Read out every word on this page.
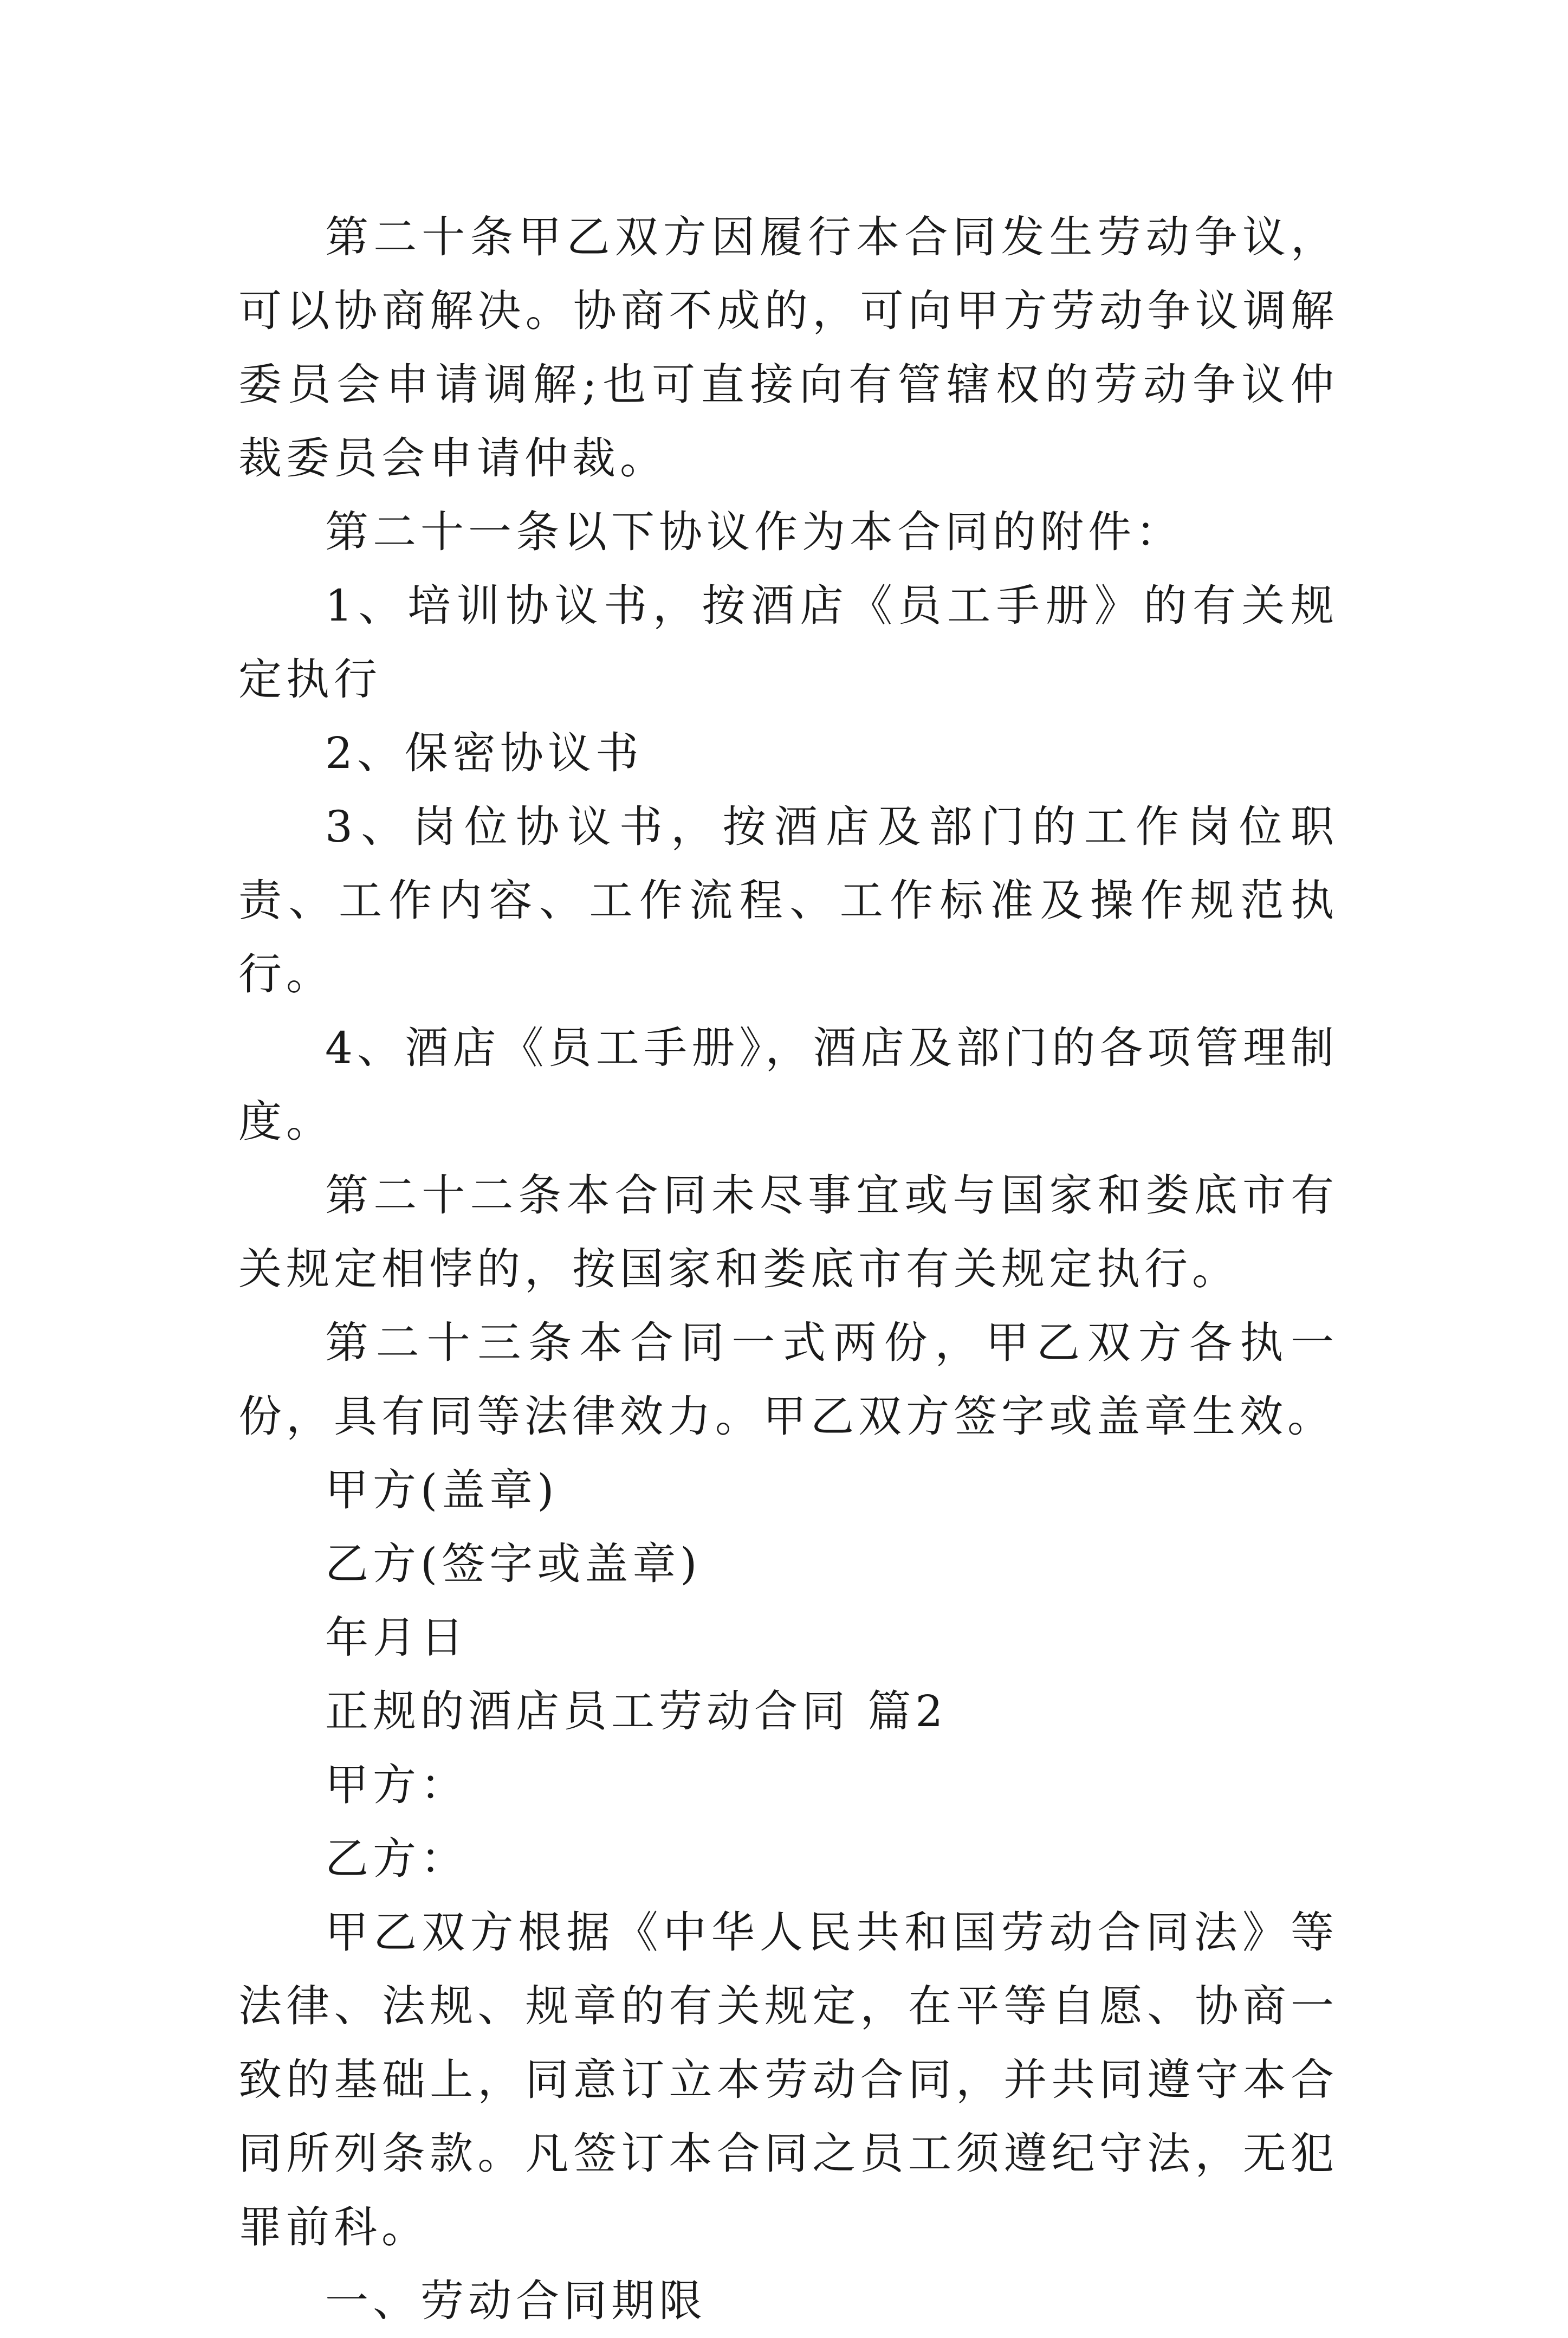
第二十条甲乙双方因履行本合同发生劳动争议，可以协商解决。协商不成的，可向甲方劳动争议调解委员会申请调解;也可直接向有管辖权的劳动争议仲裁委员会申请仲裁。

第二十一条以下协议作为本合同的附件：

1、培训协议书，按酒店《员工手册》的有关规定执行

2、保密协议书

3、岗位协议书，按酒店及部门的工作岗位职责、工作内容、工作流程、工作标准及操作规范执行。

4、酒店《员工手册》，酒店及部门的各项管理制度。

第二十二条本合同未尽事宜或与国家和娄底市有关规定相悖的，按国家和娄底市有关规定执行。

第二十三条本合同一式两份，甲乙双方各执一份，具有同等法律效力。甲乙双方签字或盖章生效。

甲方(盖章)

乙方(签字或盖章)

年月日

正规的酒店员工劳动合同 篇2

甲方：

乙方：

甲乙双方根据《中华人民共和国劳动合同法》等法律、法规、规章的有关规定，在平等自愿、协商一致的基础上，同意订立本劳动合同，并共同遵守本合同所列条款。凡签订本合同之员工须遵纪守法，无犯罪前科。

一、劳动合同期限
